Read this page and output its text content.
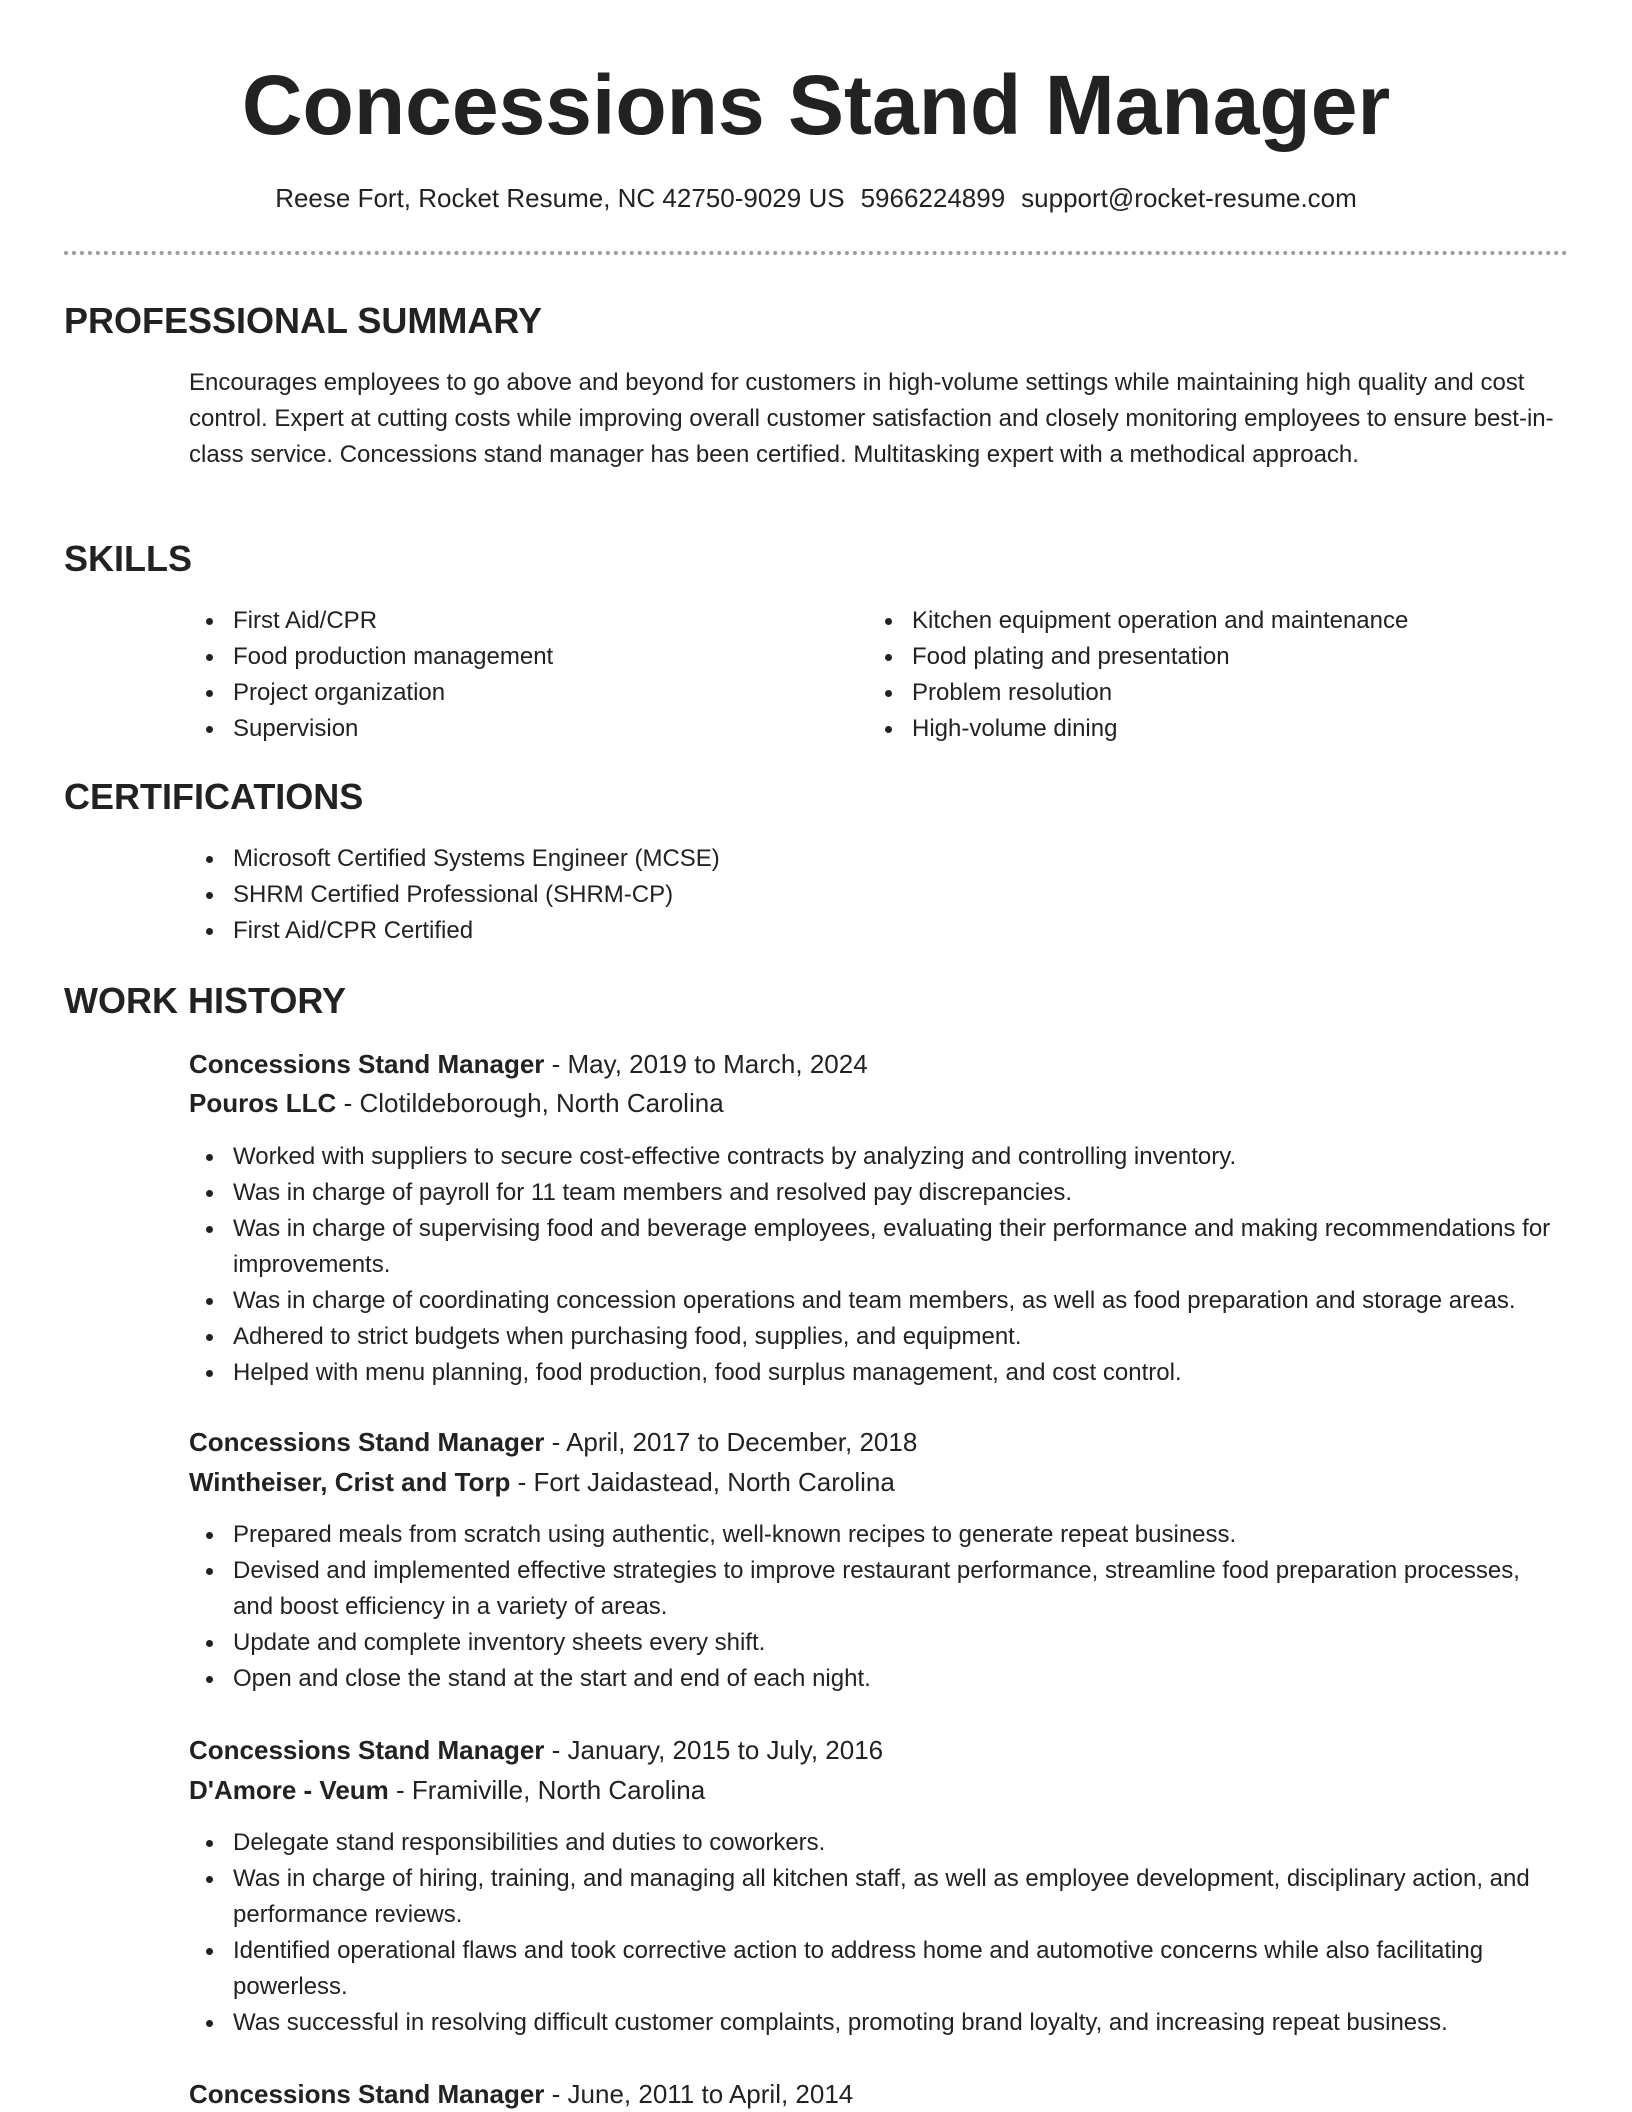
Concessions Stand Manager
Reese Fort, Rocket Resume, NC 42750-9029 US 5966224899 support@rocket-resume.com
PROFESSIONAL SUMMARY

Encourages employees to go above and beyond for customers in high-volume settings while maintaining high quality and cost control. Expert at cutting costs while improving overall customer satisfaction and closely monitoring employees to ensure best-in-class service. Concessions stand manager has been certified. Multitasking expert with a methodical approach.

SKILLS
First Aid/CPR
Food production management
Project organization
Supervision
Kitchen equipment operation and maintenance
Food plating and presentation
Problem resolution
High-volume dining
CERTIFICATIONS
Microsoft Certified Systems Engineer (MCSE)
SHRM Certified Professional (SHRM-CP)
First Aid/CPR Certified
WORK HISTORY
Concessions Stand Manager - May, 2019 to March, 2024
Pouros LLC - Clotildeborough, North Carolina
Worked with suppliers to secure cost-effective contracts by analyzing and controlling inventory.
Was in charge of payroll for 11 team members and resolved pay discrepancies.
Was in charge of supervising food and beverage employees, evaluating their performance and making recommendations for improvements.
Was in charge of coordinating concession operations and team members, as well as food preparation and storage areas.
Adhered to strict budgets when purchasing food, supplies, and equipment.
Helped with menu planning, food production, food surplus management, and cost control.
Concessions Stand Manager - April, 2017 to December, 2018
Wintheiser, Crist and Torp - Fort Jaidastead, North Carolina
Prepared meals from scratch using authentic, well-known recipes to generate repeat business.
Devised and implemented effective strategies to improve restaurant performance, streamline food preparation processes, and boost efficiency in a variety of areas.
Update and complete inventory sheets every shift.
Open and close the stand at the start and end of each night.
Concessions Stand Manager - January, 2015 to July, 2016
D'Amore - Veum - Framiville, North Carolina
Delegate stand responsibilities and duties to coworkers.
Was in charge of hiring, training, and managing all kitchen staff, as well as employee development, disciplinary action, and performance reviews.
Identified operational flaws and took corrective action to address home and automotive concerns while also facilitating powerless.
Was successful in resolving difficult customer complaints, promoting brand loyalty, and increasing repeat business.
Concessions Stand Manager - June, 2011 to April, 2014
